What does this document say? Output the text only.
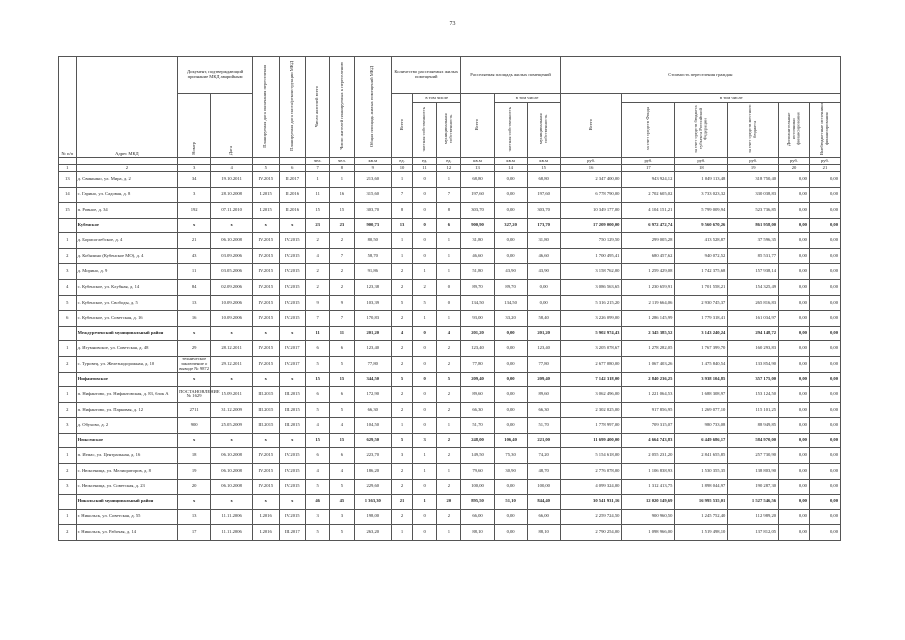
73
№ п/п	Адрес МКД	Документ, подтверждающий признание МКД аварийным		Планируемая дата окончания переселения	Планируемая дата сноса/реконструкции МКД	Число жителей всего	Число жителей планируемых к переселению	Общая площадь жилых помещений МКД	Количество расселяемых жилых помещений			Расселяемая площадь жилых помещений			Стоимость переселения граждан					
		Номер	Дата						Всего	в том числе		Всего	в том числе		Всего	в том числе				
										частная собственность	муниципальная собственность		частная собственность	муниципальная собственность		за счет средств Фонда	за счет средств бюджета субъекта Российской Федерации	за счет средств местного бюджета	Дополнительные источники финансирования	Внебюджетные источники финансирования
						чел.	чел.	кв.м	ед.	ед.	ед.	кв.м	кв.м	кв.м	руб.	руб.	руб.	руб.	руб.	руб.
1	2	3	4	5	6	7	8	9	10	11	12	13	14	15	16	17	18	19	20	21
13	д. Свиньино, ул. Мира, д. 2	34	19.10.2011	IV.2015	II.2017	1	1	213,60	1	0	1	68,80	0,00	68,80	2 347 400,00	943 924,12	1 049 113,48	318 750,40	0,00	0,00
14	с. Гарино, ул. Садовая, д. 8	3	28.10.2008	I.2015	II.2016	11	16	315,60	7	0	7	197,60	0,00	197,60	6 778 790,00	2 702 605,02	3 733 023,32	330 038,83	0,00	0,00
15	п. Ровное, д. 34	192	07.11.2010	I.2015	II.2016	15	15	303,70	8	0	8	303,70	0,00	303,70	10 349 177,00	4 104 151,21	5 799 009,94	523 736,85	0,00	0,00
	Кубенское	x	x	x	x	23	23	900,73	13	0	6	900,90	327,20	173,70	17 209 000,00	6 972 472,74	9 560 670,26	861 958,00	0,00	0,00
1	д. Борисоглебское, д. 4	21	06.10.2008	IV.2015	IV.2015	2	2	80,50	1	0	1	31,80	0,00	31,80	750 129,50	299 005,28	413 528,87	37 596,35	0,00	0,00
2	д. Кобялино (Кубенское МО), д. 4	43	03.09.2006	IV.2015	IV.2015	4	7	58,70	1	0	1	46,60	0,00	46,60	1 700 495,41	680 457,62	940 072,52	85 531,77	0,00	0,00
3	д. Морино, д. 9	11	03.05.2006	IV.2015	IV.2015	2	2	91,86	2	1	1	51,80	43,90	43,90	3 158 762,00	1 259 429,08	1 742 375,68	157 938,14	0,00	0,00
4	с. Кубенское, ул. Клубная, д. 14	84	02.09.2006	IV.2015	IV.2015	2	2	123,38	2	2	0	89,70	89,70	0,00	3 086 563,65	1 230 659,91	1 701 558,21	154 325,49	0,00	0,00
5	с. Кубенское, ул. Свободы, д. 5	13	10.09.2006	IV.2015	IV.2015	9	9	103,39	5	5	0	134,50	134,50	0,00	5 316 215,20	2 119 664,06	2 930 745,37	265 816,83	0,00	0,00
6	с. Кубенское, ул. Советская, д. 16	16	10.09.2006	IV.2015	IV.2015	7	7	170,83	2	1	1	93,00	33,20	58,40	3 226 099,00	1 286 145,99	1 779 318,41	161 034,97	0,00	0,00
	Междуреченский муниципальный район	x	x	x	x	11	11	201,20	4	0	4	201,20	0,00	201,20	5 902 974,43	2 345 385,52	3 143 240,24	294 148,72	0,00	0,00
1	д. Игумновское, ул. Советская, д. 48	29	28.12.2011	IV.2015	IV.2017	6	6	123,40	2	0	2	123,40	0,00	123,40	3 205 078,67	1 278 282,05	1 767 399,70	160 293,83	0,00	0,00
2	с. Туровец, ул. Железнодорожная, д. 10	техническое заключение о выводе № 9872	29.12.2011	IV.2015	IV.2017	5	5	77,80	2	0	2	77,80	0,00	77,80	2 677 080,00	1 067 403,26	1 475 840,54	133 854,90	0,00	0,00
	Нифантовское	x	x	x	x	15	15	344,50	5	0	5	209,40	0,00	209,40	7 142 318,00	2 840 236,25	3 938 104,85	357 175,00	0,00	0,00
1	п. Нифантово, ул. Нифантовская, д. 83, блок А	ПОСТАНОВЛЕНИЕ № 1629	15.09.2011	III.2015	III.2015	6	6	172,90	2	0	2	89,60	0,00	89,60	3 062 496,00	1 221 064,53	1 688 308,97	153 124,50	0,00	0,00
2	п. Нифантово, ул. Парковая, д. 12	2711	31.12.2009	III.2015	III.2015	5	5	66,30	2	0	2	66,30	0,00	66,30	2 302 025,00	917 856,95	1 269 077,10	115 101,25	0,00	0,00
3	д. Обухово, д. 2	900	25.05.2009	III.2015	III.2015	4	4	104,50	1	0	1	51,70	0,00	51,70	1 778 997,00	709 315,07	980 733,08	88 949,85	0,00	0,00
	Нюксенское	x	x	x	x	15	15	629,50	5	3	2	248,00	106,40	221,00	11 699 400,00	4 664 743,83	6 449 686,17	584 970,00	0,00	0,00
1	п. Игмас, ул. Центральная, д. 16	18	06.10.2008	IV.2015	IV.2015	6	6	223,70	3	1	2	149,50	75,30	74,20	5 154 618,00	2 055 231,20	2 841 655,85	257 730,90	0,00	0,00
2	с. Нюксеница, ул. Мелиораторов, д. 8	19	06.10.2008	IV.2015	IV.2015	4	4	186,20	2	1	1	79,60	30,90	48,70	2 776 078,00	1 106 838,93	1 530 355,35	138 803,90	0,00	0,00
3	с. Нюксеница, ул. Советская, д. 23	20	06.10.2008	IV.2015	IV.2015	5	5	229,60	2	0	2	100,00	0,00	100,00	4 099 324,00	1 312 413,75	1 898 044,97	190 287,30	0,00	0,00
	Никольский муниципальный район	x	x	x	x	46	45	1 363,30	21	1	20	895,50	51,10	844,40	30 541 931,16	12 020 149,69	16 995 535,01	1 527 546,56	0,00	0,00
1	г. Никольск, ул. Советская, д. 55	13	11.11.2006	I.2016	IV.2015	3	3	198,00	2	0	2	66,00	0,00	66,00	2 259 724,50	900 960,50	1 245 752,40	112 989,20	0,00	0,00
2	г. Никольск, ул. Рабочая, д. 14	17	11.11.2006	I.2016	III.2017	5	5	263,20	1	0	1	88,10	0,00	88,10	2 790 254,00	1 098 966,00	1 519 498,10	137 812,05	0,00	0,00
